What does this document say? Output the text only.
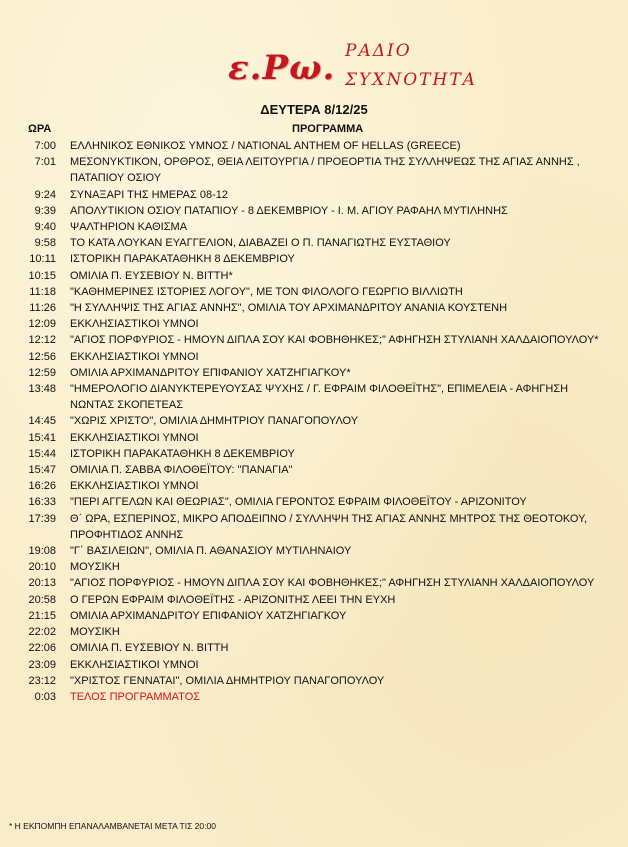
ε.Ρω. ΡΑΔΙΟ
ΣΥΧΝΟΤΗΤΑ
ΔΕΥΤΕΡΑ 8/12/25
ΩΡΑ	ΠΡΟΓΡΑΜΜΑ
7:00	ΕΛΛΗΝΙΚΟΣ ΕΘΝΙΚΟΣ ΥΜΝΟΣ / NATIONAL ANTHEM OF HELLAS (GREECE)
7:01	ΜΕΣΟΝΥΚΤΙΚΟΝ, ΟΡΘΡΟΣ, ΘΕΙΑ ΛΕΙΤΟΥΡΓΙΑ / ΠΡΟΕΟΡΤΙΑ ΤΗΣ ΣΥΛΛΗΨΕΩΣ ΤΗΣ ΑΓΙΑΣ ΑΝΝΗΣ , ΠΑΤΑΠΙΟΥ ΟΣΙΟΥ
9:24	ΣΥΝΑΞΑΡΙ ΤΗΣ ΗΜΕΡΑΣ 08-12
9:39	ΑΠΟΛΥΤΙΚΙΟΝ ΟΣΙΟΥ ΠΑΤΑΠΙΟΥ - 8 ΔΕΚΕΜΒΡΙΟΥ - Ι. Μ. ΑΓΙΟΥ ΡΑΦΑΗΛ ΜΥΤΙΛΗΝΗΣ
9:40	ΨΑΛΤΗΡΙΟΝ ΚΑΘΙΣΜΑ
9:58	ΤΟ ΚΑΤΑ ΛΟΥΚΑΝ ΕΥΑΓΓΕΛΙΟΝ, ΔΙΑΒΑΖΕΙ Ο Π. ΠΑΝΑΓΙΩΤΗΣ ΕΥΣΤΑΘΙΟΥ
10:11	ΙΣΤΟΡΙΚΗ ΠΑΡΑΚΑΤΑΘΗΚΗ 8 ΔΕΚΕΜΒΡΙΟΥ
10:15	ΟΜΙΛΙΑ Π. ΕΥΣΕΒΙΟΥ Ν. ΒΙΤΤΗ*
11:18	"ΚΑΘΗΜΕΡΙΝΕΣ ΙΣΤΟΡΙΕΣ ΛΟΓΟΥ", ΜΕ ΤΟΝ ΦΙΛΟΛΟΓΟ ΓΕΩΡΓΙΟ ΒΙΛΛΙΩΤΗ
11:26	"Η ΣΥΛΛΗΨΙΣ ΤΗΣ ΑΓΙΑΣ ΑΝΝΗΣ", ΟΜΙΛΙΑ ΤΟΥ ΑΡΧΙΜΑΝΔΡΙΤΟΥ ΑΝΑΝΙΑ ΚΟΥΣΤΕΝΗ
12:09	ΕΚΚΛΗΣΙΑΣΤΙΚΟΙ ΥΜΝΟΙ
12:12	"ΑΓΙΟΣ ΠΟΡΦΥΡΙΟΣ - ΗΜΟΥΝ ΔΙΠΛΑ ΣΟΥ ΚΑΙ ΦΟΒΗΘΗΚΕΣ;" ΑΦΗΓΗΣΗ ΣΤΥΛΙΑΝΗ ΧΑΛΔΑΙΟΠΟΥΛΟΥ*
12:56	ΕΚΚΛΗΣΙΑΣΤΙΚΟΙ ΥΜΝΟΙ
12:59	ΟΜΙΛΙΑ ΑΡΧΙΜΑΝΔΡΙΤΟΥ ΕΠΙΦΑΝΙΟΥ ΧΑΤΖΗΓΙΑΓΚΟΥ*
13:48	"ΗΜΕΡΟΛΟΓΙΟ ΔΙΑΝΥΚΤΕΡΕΥΟΥΣΑΣ ΨΥΧΗΣ / Γ. ΕΦΡΑΙΜ ΦΙΛΟΘΕΪΤΗΣ", ΕΠΙΜΕΛΕΙΑ - ΑΦΗΓΗΣΗ ΝΩΝΤΑΣ ΣΚΟΠΕΤΕΑΣ
14:45	"ΧΩΡΙΣ ΧΡΙΣΤΟ", ΟΜΙΛΙΑ ΔΗΜΗΤΡΙΟΥ ΠΑΝΑΓΟΠΟΥΛΟΥ
15:41	ΕΚΚΛΗΣΙΑΣΤΙΚΟΙ ΥΜΝΟΙ
15:44	ΙΣΤΟΡΙΚΗ ΠΑΡΑΚΑΤΑΘΗΚΗ 8 ΔΕΚΕΜΒΡΙΟΥ
15:47	ΟΜΙΛΙΑ Π. ΣΑΒΒΑ ΦΙΛΟΘΕΪΤΟΥ: "ΠΑΝΑΓΙΑ"
16:26	ΕΚΚΛΗΣΙΑΣΤΙΚΟΙ ΥΜΝΟΙ
16:33	"ΠΕΡΙ ΑΓΓΕΛΩΝ ΚΑΙ ΘΕΩΡΙΑΣ", ΟΜΙΛΙΑ ΓΕΡΟΝΤΟΣ ΕΦΡΑΙΜ ΦΙΛΟΘΕΪΤΟΥ - ΑΡΙΖΟΝΙΤΟΥ
17:39	Θ΄ ΩΡΑ, ΕΣΠΕΡΙΝΟΣ, ΜΙΚΡΟ ΑΠΟΔΕΙΠΝΟ / ΣΥΛΛΗΨΗ ΤΗΣ ΑΓΙΑΣ ΑΝΝΗΣ ΜΗΤΡΟΣ ΤΗΣ ΘΕΟΤΟΚΟΥ, ΠΡΟΦΗΤΙΔΟΣ ΑΝΝΗΣ
19:08	"Γ΄ ΒΑΣΙΛΕΙΩΝ", ΟΜΙΛΙΑ Π. ΑΘΑΝΑΣΙΟΥ ΜΥΤΙΛΗΝΑΙΟΥ
20:10	ΜΟΥΣΙΚΗ
20:13	"ΑΓΙΟΣ ΠΟΡΦΥΡΙΟΣ - ΗΜΟΥΝ ΔΙΠΛΑ ΣΟΥ ΚΑΙ ΦΟΒΗΘΗΚΕΣ;" ΑΦΗΓΗΣΗ ΣΤΥΛΙΑΝΗ ΧΑΛΔΑΙΟΠΟΥΛΟΥ
20:58	Ο ΓΕΡΩΝ ΕΦΡΑΙΜ ΦΙΛΟΘΕΪΤΗΣ - ΑΡΙΖΟΝΙΤΗΣ ΛΕΕΙ ΤΗΝ ΕΥΧΗ
21:15	ΟΜΙΛΙΑ ΑΡΧΙΜΑΝΔΡΙΤΟΥ ΕΠΙΦΑΝΙΟΥ ΧΑΤΖΗΓΙΑΓΚΟΥ
22:02	ΜΟΥΣΙΚΗ
22:06	ΟΜΙΛΙΑ Π. ΕΥΣΕΒΙΟΥ Ν. ΒΙΤΤΗ
23:09	ΕΚΚΛΗΣΙΑΣΤΙΚΟΙ ΥΜΝΟΙ
23:12	"ΧΡΙΣΤΟΣ ΓΕΝΝΑΤΑΙ", ΟΜΙΛΙΑ ΔΗΜΗΤΡΙΟΥ ΠΑΝΑΓΟΠΟΥΛΟΥ
0:03	ΤΕΛΟΣ ΠΡΟΓΡΑΜΜΑΤΟΣ
* Η ΕΚΠΟΜΠΗ ΕΠΑΝΑΛΑΜΒΑΝΕΤΑΙ ΜΕΤΑ ΤΙΣ 20:00
